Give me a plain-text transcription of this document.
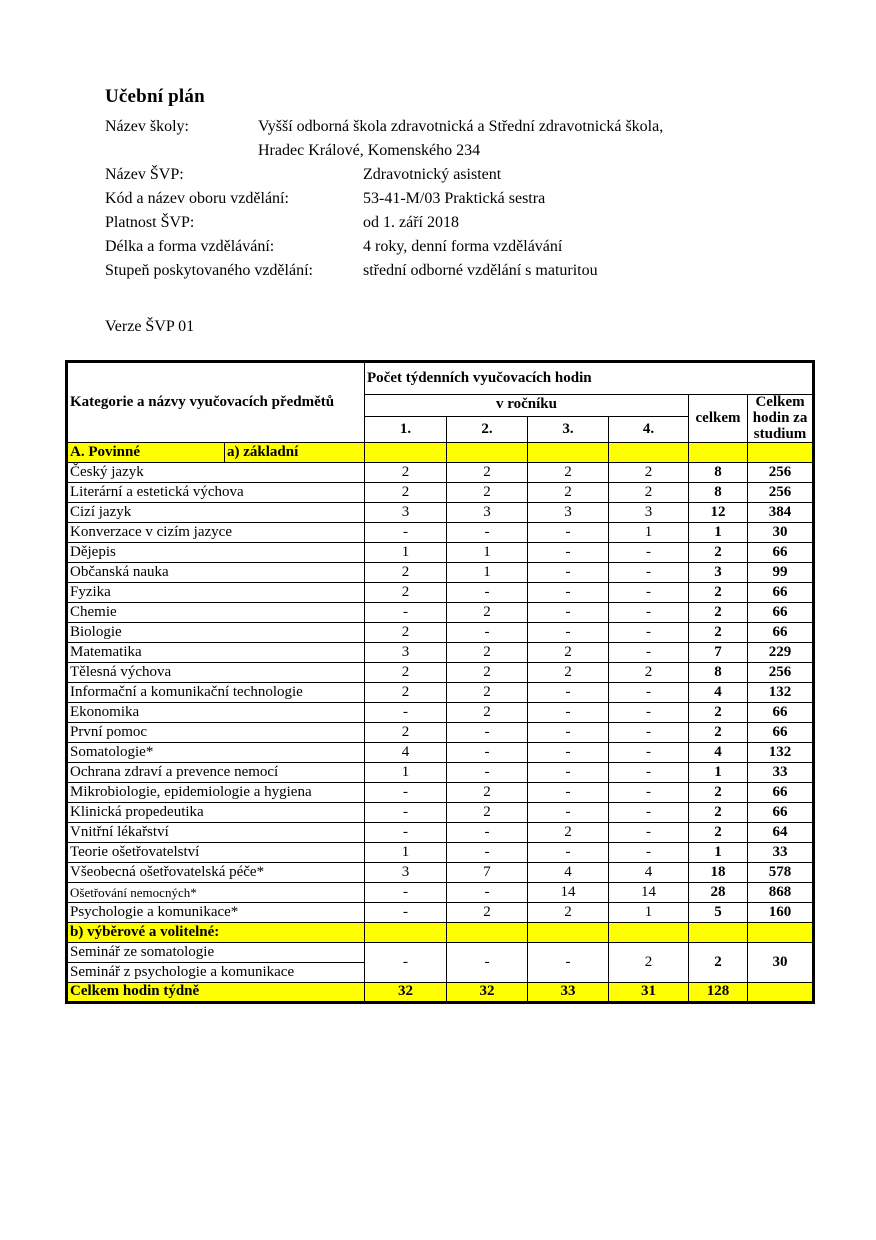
Učební plán
Název školy:	Vyšší odborná škola zdravotnická a Střední zdravotnická škola,
Hradec Králové, Komenského 234
Název ŠVP:	Zdravotnický asistent
Kód a název oboru vzdělání:	53-41-M/03 Praktická sestra
Platnost ŠVP:	od 1. září 2018
Délka a forma vzdělávání:	4 roky, denní forma vzdělávání
Stupeň poskytovaného vzdělání:	střední odborné vzdělání s maturitou
Verze ŠVP 01
Kategorie a názvy vyučovacích předmětů		Počet týdenních vyučovacích hodin					
		v ročníku				celkem	Celkem hodin za studium
		1.	2.	3.	4.		
A. Povinné	a) základní						
Český jazyk		2	2	2	2	8	256
Literární a estetická výchova		2	2	2	2	8	256
Cizí jazyk		3	3	3	3	12	384
Konverzace v cizím jazyce		-	-	-	1	1	30
Dějepis		1	1	-	-	2	66
Občanská nauka		2	1	-	-	3	99
Fyzika		2	-	-	-	2	66
Chemie		-	2	-	-	2	66
Biologie		2	-	-	-	2	66
Matematika		3	2	2	-	7	229
Tělesná výchova		2	2	2	2	8	256
Informační a komunikační technologie		2	2	-	-	4	132
Ekonomika		-	2	-	-	2	66
První pomoc		2	-	-	-	2	66
Somatologie*		4	-	-	-	4	132
Ochrana zdraví a prevence nemocí		1	-	-	-	1	33
Mikrobiologie, epidemiologie a hygiena		-	2	-	-	2	66
Klinická propedeutika		-	2	-	-	2	66
Vnitřní lékařství		-	-	2	-	2	64
Teorie ošetřovatelství		1	-	-	-	1	33
Všeobecná ošetřovatelská péče*		3	7	4	4	18	578
Ošetřování nemocných*		-	-	14	14	28	868
Psychologie a komunikace*		-	2	2	1	5	160
b) výběrové a volitelné:							
Seminář ze somatologie		-	-	-	2	2	30
Seminář z psychologie a komunikace							
Celkem hodin týdně		32	32	33	31	128	
